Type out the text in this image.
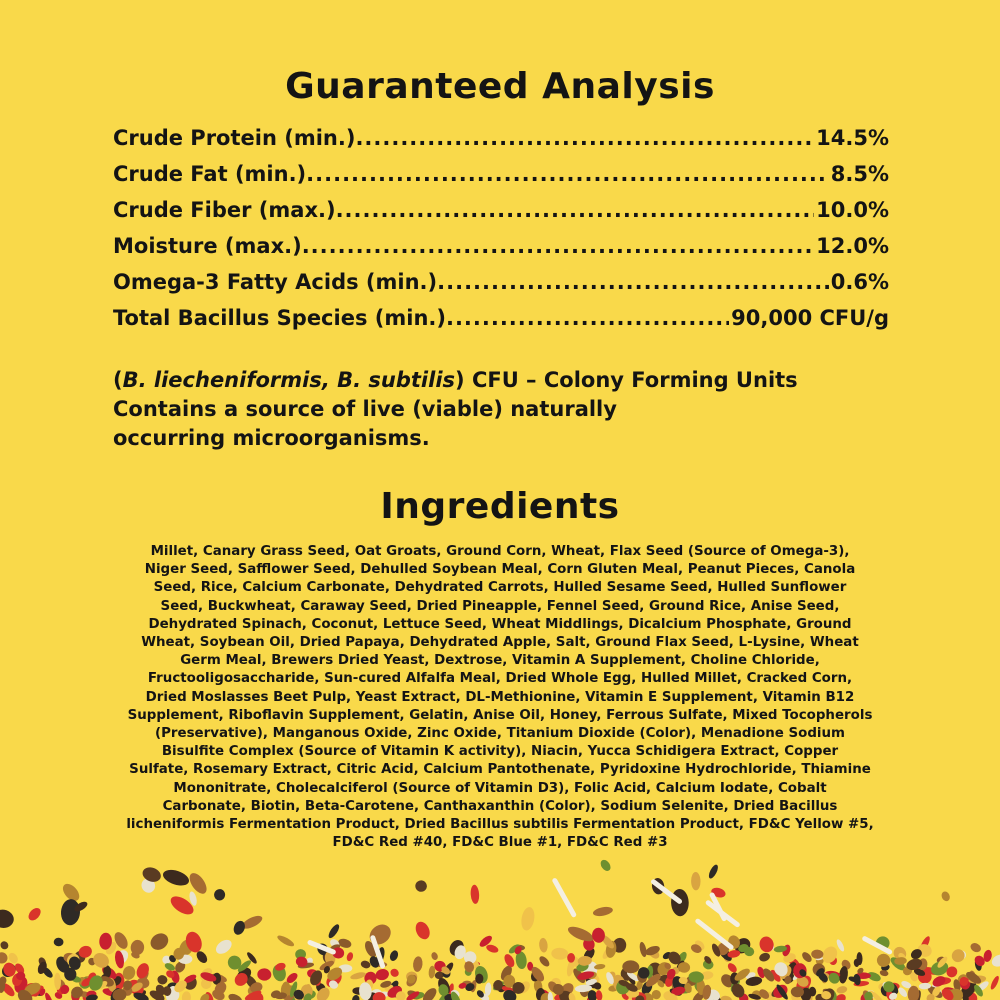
Guaranteed Analysis
Crude Protein (min.) .....	14.5%
Crude Fat (min.) .....	8.5%
Crude Fiber (max.) .....	10.0%
Moisture (max.) .....	12.0%
Omega-3 Fatty Acids (min.) .....	0.6%
Total Bacillus Species (min.) .....	90,000 CFU/g

(B. liecheniformis, B. subtilis) CFU – Colony Forming Units

Contains a source of live (viable) naturally

occurring microorganisms.

Ingredients
Millet, Canary Grass Seed, Oat Groats, Ground Corn, Wheat, Flax Seed (Source of Omega-3),
Niger Seed, Safflower Seed, Dehulled Soybean Meal, Corn Gluten Meal, Peanut Pieces, Canola
Seed, Rice, Calcium Carbonate, Dehydrated Carrots, Hulled Sesame Seed, Hulled Sunflower
Seed, Buckwheat, Caraway Seed, Dried Pineapple, Fennel Seed, Ground Rice, Anise Seed,
Dehydrated Spinach, Coconut, Lettuce Seed, Wheat Middlings, Dicalcium Phosphate, Ground
Wheat, Soybean Oil, Dried Papaya, Dehydrated Apple, Salt, Ground Flax Seed, L-Lysine, Wheat
Germ Meal, Brewers Dried Yeast, Dextrose, Vitamin A Supplement, Choline Chloride,
Fructooligosaccharide, Sun-cured Alfalfa Meal, Dried Whole Egg, Hulled Millet, Cracked Corn,
Dried Moslasses Beet Pulp, Yeast Extract, DL-Methionine, Vitamin E Supplement, Vitamin B12
Supplement, Riboflavin Supplement, Gelatin, Anise Oil, Honey, Ferrous Sulfate, Mixed Tocopherols
(Preservative), Manganous Oxide, Zinc Oxide, Titanium Dioxide (Color), Menadione Sodium
Bisulfite Complex (Source of Vitamin K activity), Niacin, Yucca Schidigera Extract, Copper
Sulfate, Rosemary Extract, Citric Acid, Calcium Pantothenate, Pyridoxine Hydrochloride, Thiamine
Mononitrate, Cholecalciferol (Source of Vitamin D3), Folic Acid, Calcium Iodate, Cobalt
Carbonate, Biotin, Beta-Carotene, Canthaxanthin (Color), Sodium Selenite, Dried Bacillus
licheniformis Fermentation Product, Dried Bacillus subtilis Fermentation Product, FD&C Yellow #5,
FD&C Red #40, FD&C Blue #1, FD&C Red #3
